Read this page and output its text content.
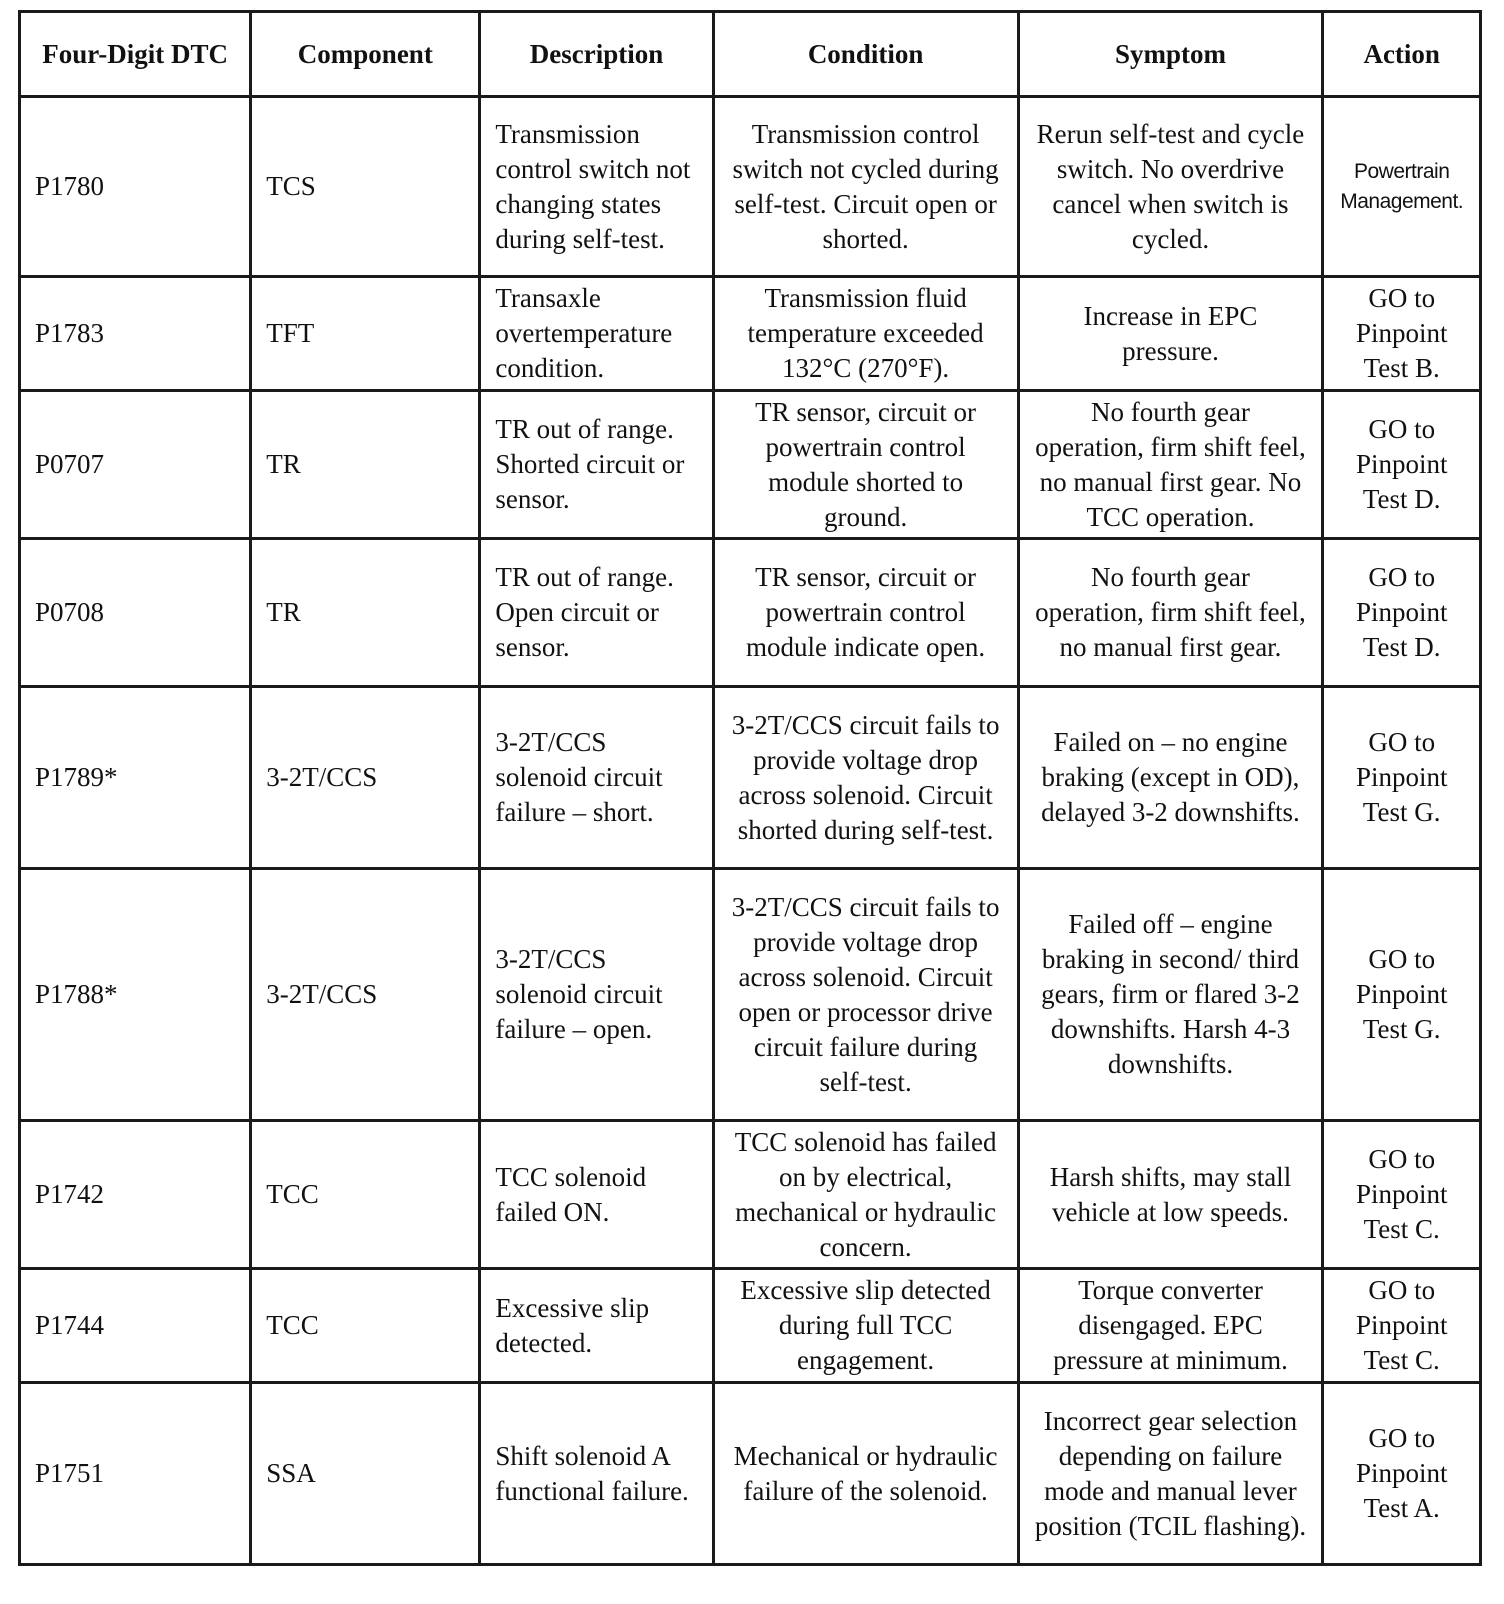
Four-Digit DTC	Component	Description	Condition	Symptom	Action
P1780	TCS	Transmission control switch not changing states during self-test.	Transmission control switch not cycled during self-test. Circuit open or shorted.	Rerun self-test and cycle switch. No overdrive cancel when switch is cycled.	Powertrain Management.

P1783	TFT	Transaxle overtemperature condition.	Transmission fluid temperature exceeded 132°C (270°F).	Increase in EPC pressure.	GO to Pinpoint Test B.
P0707	TR	TR out of range. Shorted circuit or sensor.	TR sensor, circuit or powertrain control module shorted to ground.	No fourth gear operation, firm shift feel, no manual first gear. No TCC operation.	GO to Pinpoint Test D.
P0708	TR	TR out of range. Open circuit or sensor.	TR sensor, circuit or powertrain control module indicate open.	No fourth gear operation, firm shift feel, no manual first gear.	GO to Pinpoint Test D.
P1789*	3-2T/CCS	3-2T/CCS solenoid circuit failure – short.	3-2T/CCS circuit fails to provide voltage drop across solenoid. Circuit shorted during self-test.	Failed on – no engine braking (except in OD), delayed 3-2 downshifts.	GO to Pinpoint Test G.
P1788*	3-2T/CCS	3-2T/CCS solenoid circuit failure – open.	3-2T/CCS circuit fails to provide voltage drop across solenoid. Circuit open or processor drive circuit failure during self-test.	Failed off – engine braking in second/ third gears, firm or flared 3-2 downshifts. Harsh 4-3 downshifts.	GO to Pinpoint Test G.
P1742	TCC	TCC solenoid failed ON.	TCC solenoid has failed on by electrical, mechanical or hydraulic concern.	Harsh shifts, may stall vehicle at low speeds.	GO to Pinpoint Test C.
P1744	TCC	Excessive slip detected.	Excessive slip detected during full TCC engagement.	Torque converter disengaged. EPC pressure at minimum.	GO to Pinpoint Test C.
P1751	SSA	Shift solenoid A functional failure.	Mechanical or hydraulic failure of the solenoid.	Incorrect gear selection depending on failure mode and manual lever position (TCIL flashing).	GO to Pinpoint Test A.
